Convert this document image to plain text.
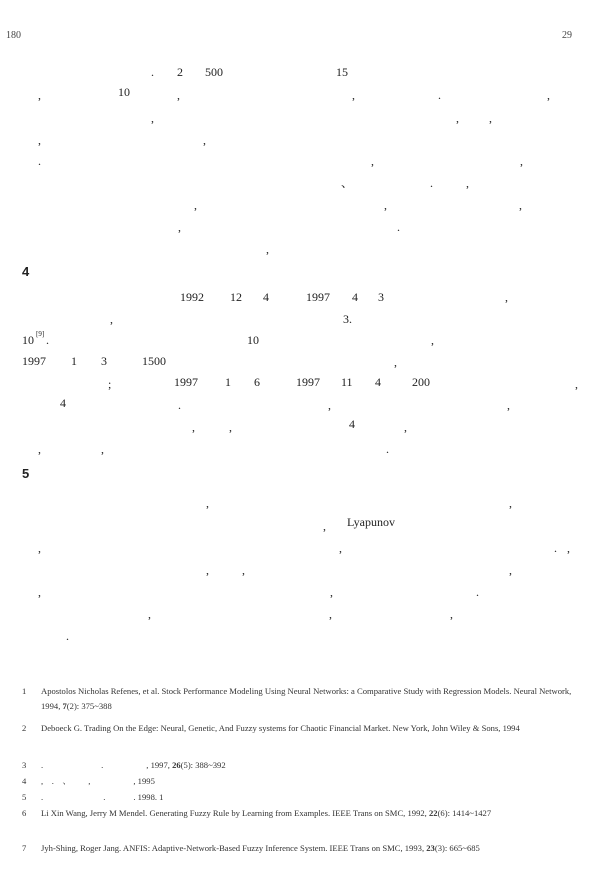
180	29
. 2 500	15
,	10	,	,	.	,
,	,	,
,	,
.	,	,
、	.	,
,	,	,
,	.
,
4
1992 12 4	1997 4 3	,
,	3.
10 [9] .	10	,
1997 1 3	1500	,
;	1997 1 6	1997 11 4	200	,
4	.	,	,
,	,	4	,
,	,	.
5
,	,
, Lyapunov
,	,	. ,
,	,	,
,	,	.
,	,	,
.
1 Apostolos Nicholas Refenes, et al. Stock Performance Modeling Using Neural Networks: a Comparative Study with Regression Models. Neural Network, 1994, 7(2): 375~388
2 Deboeck G. Trading On the Edge: Neural, Genetic, And Fuzzy systems for Chaotic Financial Market. New York, John Wiley & Sons, 1994
3 .                           .                    , 1997, 26(5): 388~392
4 ,    .    、        ,                    , 1995
5 .                            .             . 1998. 1
6 Li Xin Wang, Jerry M Mendel. Generating Fuzzy Rule by Learning from Examples. IEEE Trans on SMC, 1992, 22(6): 1414~1427
7 Jyh-Shing, Roger Jang. ANFIS: Adaptive-Network-Based Fuzzy Inference System. IEEE Trans on SMC, 1993, 23(3): 665~685
